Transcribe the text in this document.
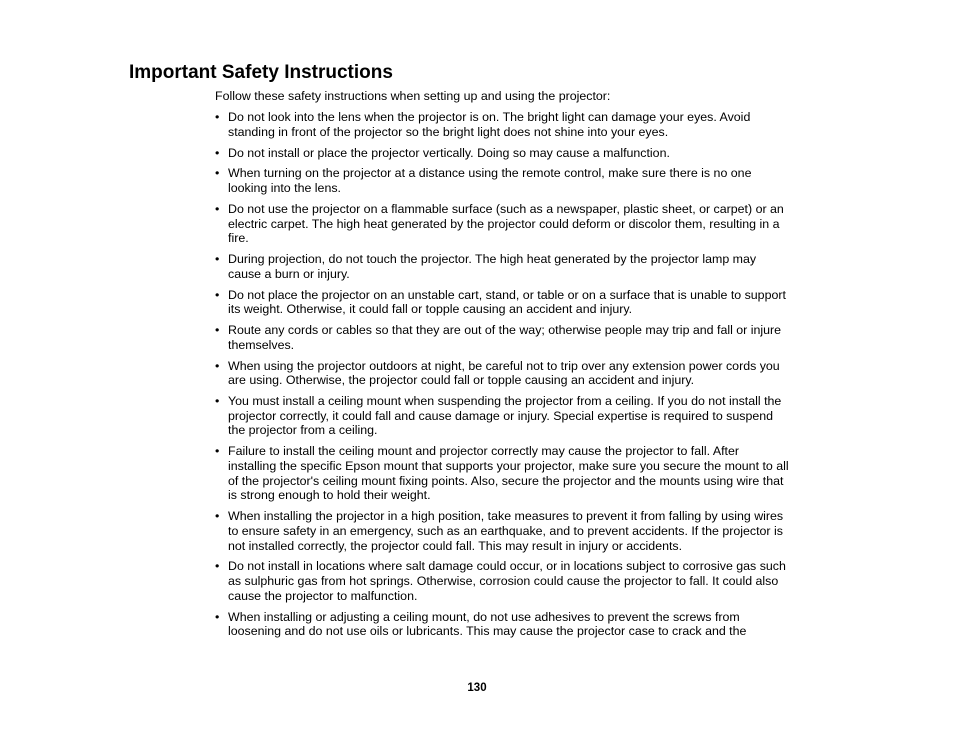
Important Safety Instructions

Follow these safety instructions when setting up and using the projector:

• Do not look into the lens when the projector is on. The bright light can damage your eyes. Avoid
standing in front of the projector so the bright light does not shine into your eyes.
• Do not install or place the projector vertically. Doing so may cause a malfunction.
• When turning on the projector at a distance using the remote control, make sure there is no one
looking into the lens.
• Do not use the projector on a flammable surface (such as a newspaper, plastic sheet, or carpet) or an
electric carpet. The high heat generated by the projector could deform or discolor them, resulting in a
fire.
• During projection, do not touch the projector. The high heat generated by the projector lamp may
cause a burn or injury.
• Do not place the projector on an unstable cart, stand, or table or on a surface that is unable to support
its weight. Otherwise, it could fall or topple causing an accident and injury.
• Route any cords or cables so that they are out of the way; otherwise people may trip and fall or injure
themselves.
• When using the projector outdoors at night, be careful not to trip over any extension power cords you
are using. Otherwise, the projector could fall or topple causing an accident and injury.
• You must install a ceiling mount when suspending the projector from a ceiling. If you do not install the
projector correctly, it could fall and cause damage or injury. Special expertise is required to suspend
the projector from a ceiling.
• Failure to install the ceiling mount and projector correctly may cause the projector to fall. After
installing the specific Epson mount that supports your projector, make sure you secure the mount to all
of the projector's ceiling mount fixing points. Also, secure the projector and the mounts using wire that
is strong enough to hold their weight.
• When installing the projector in a high position, take measures to prevent it from falling by using wires
to ensure safety in an emergency, such as an earthquake, and to prevent accidents. If the projector is
not installed correctly, the projector could fall. This may result in injury or accidents.
• Do not install in locations where salt damage could occur, or in locations subject to corrosive gas such
as sulphuric gas from hot springs. Otherwise, corrosion could cause the projector to fall. It could also
cause the projector to malfunction.
• When installing or adjusting a ceiling mount, do not use adhesives to prevent the screws from
loosening and do not use oils or lubricants. This may cause the projector case to crack and the
130
